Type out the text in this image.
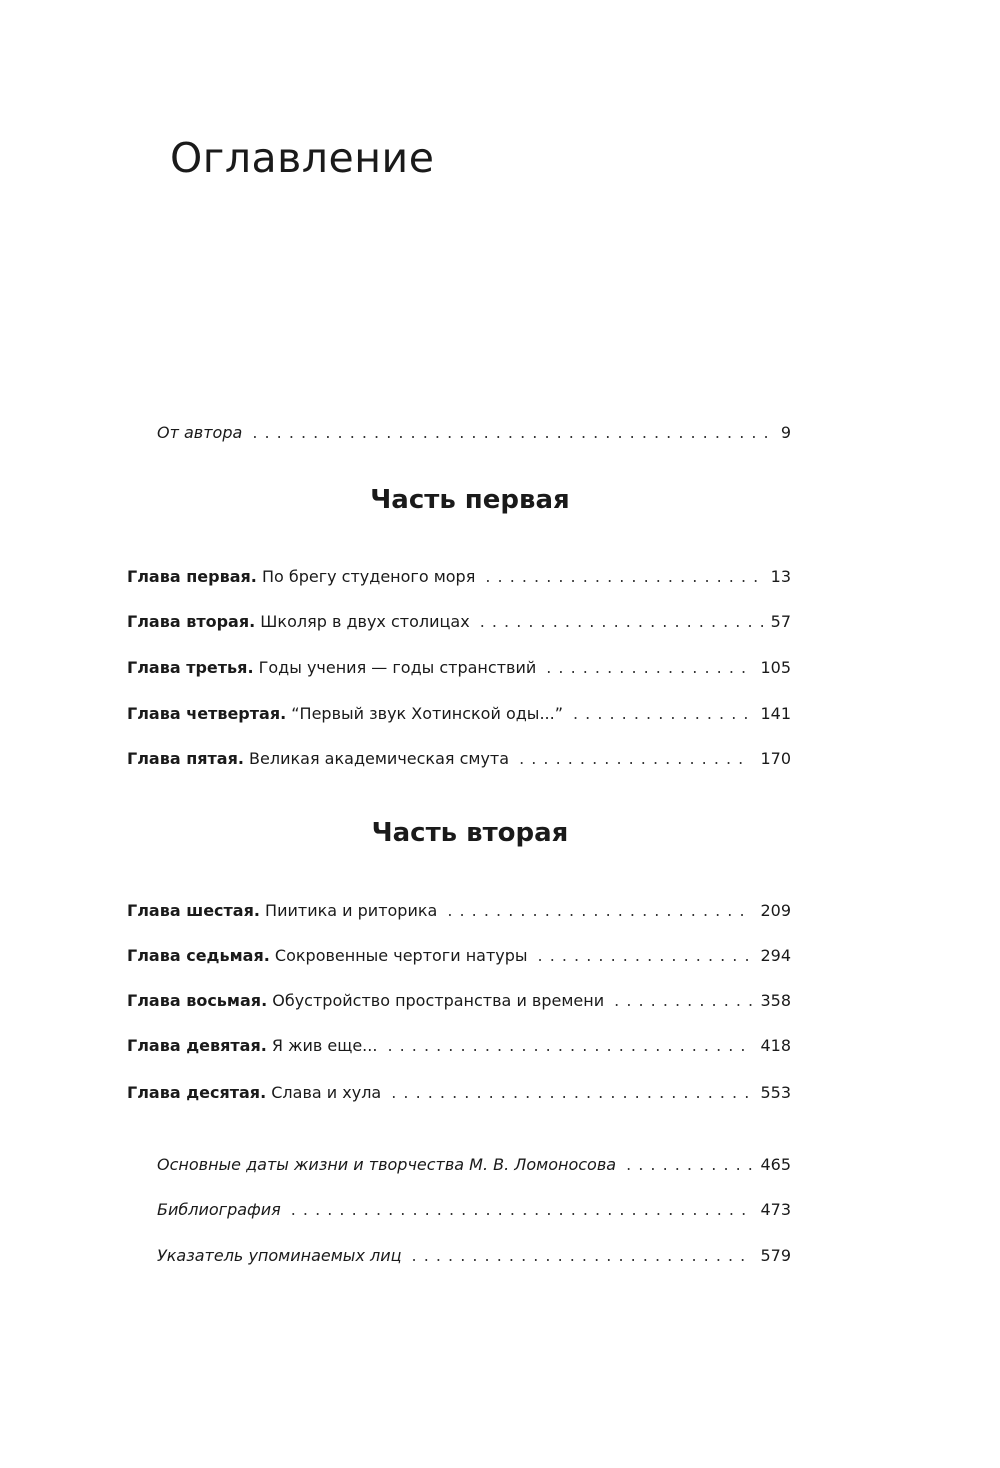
Оглавление
От автора . . .	9
Часть первая
Глава первая. По брегу студеного моря . . .	13
Глава вторая. Школяр в двух столицах . . .	57
Глава третья. Годы учения — годы странствий . . .	105
Глава четвертая. “Первый звук Хотинской оды...” . . .	141
Глава пятая. Великая академическая смута . . .	170
Часть вторая
Глава шестая. Пиитика и риторика . . .	209
Глава седьмая. Сокровенные чертоги натуры . . .	294
Глава восьмая. Обустройство пространства и времени . . .	358
Глава девятая. Я жив еще... . . .	418
Глава десятая. Слава и хула . . .	553
Основные даты жизни и творчества М. В. Ломоносова . . .	465
Библиография . . .	473
Указатель упоминаемых лиц . . .	579
